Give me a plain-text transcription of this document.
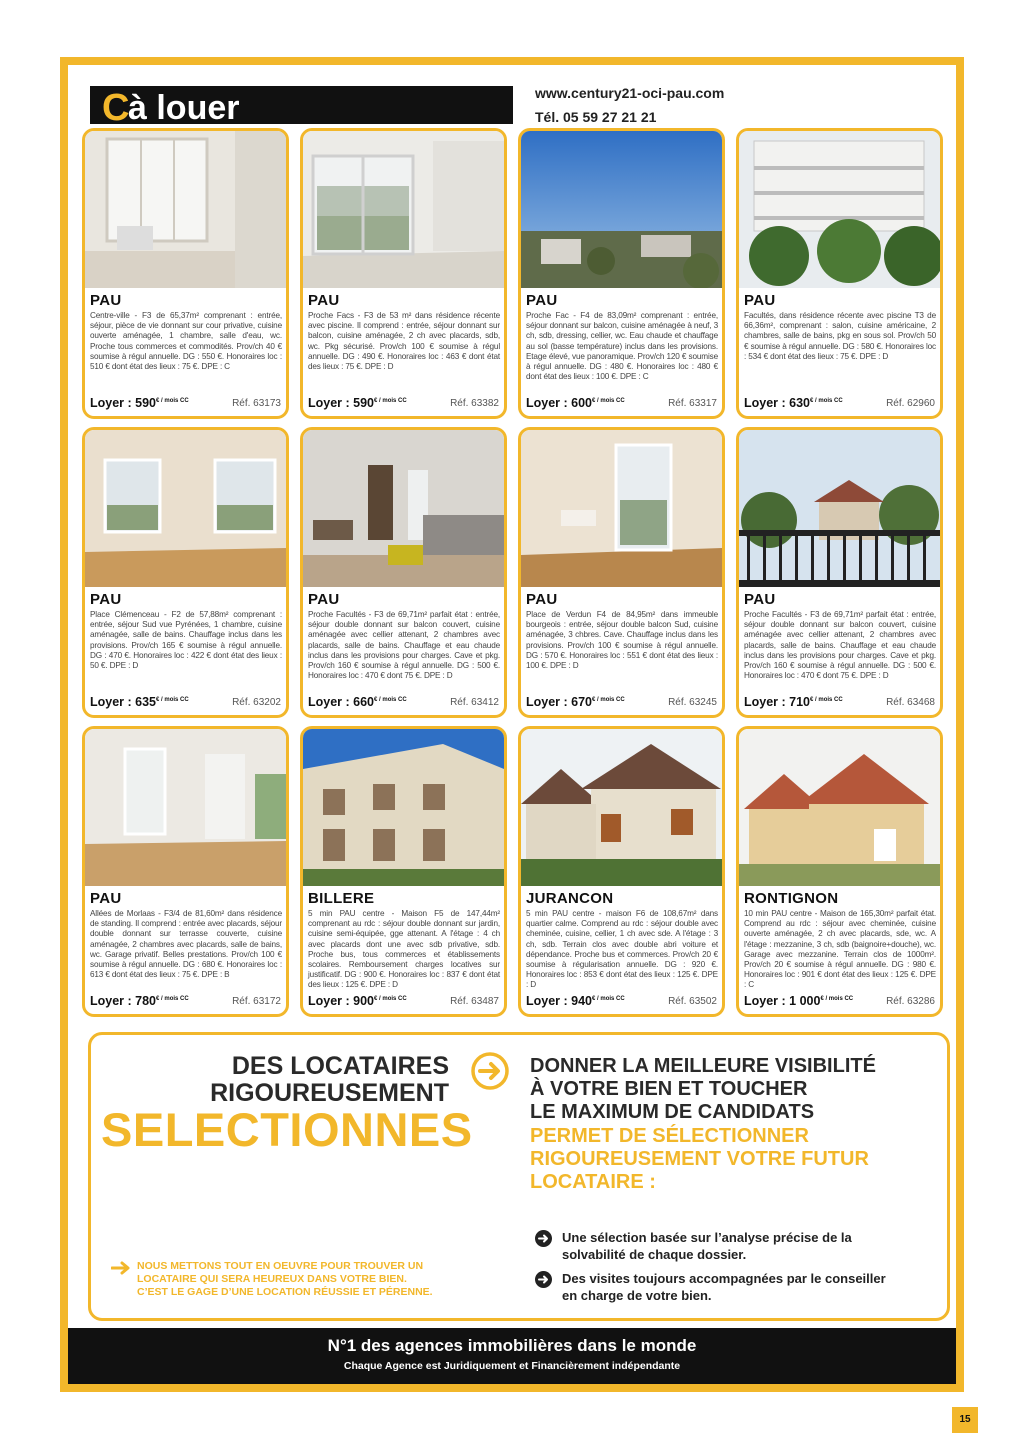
C
à louer	www.century21-oci-pau.com
Tél. 05 59 27 21 21
PAU
Centre-ville - F3 de 65,37m² comprenant : entrée, séjour, pièce de vie donnant sur cour privative, cuisine ouverte aménagée, 1 chambre, salle d'eau, wc. Proche tous commerces et commodités. Prov/ch 40 € soumise à régul annuelle. DG : 550 €. Honoraires loc : 510 € dont état des lieux : 75 €. DPE : C
Loyer : $590^{€ / mois CC}$	Réf. 63173
PAU
Proche Facs - F3 de 53 m² dans résidence récente avec piscine. Il comprend : entrée, séjour donnant sur balcon, cuisine aménagée, 2 ch avec placards, sdb, wc. Pkg sécurisé. Prov/ch 100 € soumise à régul annuelle. DG : 490 €. Honoraires loc : 463 € dont état des lieux : 75 €. DPE : D
Loyer : $590^{€ / mois CC}$	Réf. 63382
PAU
Proche Fac - F4 de 83,09m² comprenant : entrée, séjour donnant sur balcon, cuisine aménagée à neuf, 3 ch, sdb, dressing, cellier, wc. Eau chaude et chauffage au sol (basse température) inclus dans les provisions. Etage élevé, vue panoramique. Prov/ch 120 € soumise à régul annuelle. DG : 480 €. Honoraires loc : 480 € dont état des lieux : 100 €. DPE : C
Loyer : $600^{€ / mois CC}$	Réf. 63317
PAU
Facultés, dans résidence récente avec piscine T3 de 66,36m², comprenant : salon, cuisine américaine, 2 chambres, salle de bains, pkg en sous sol. Prov/ch 50 € soumise à régul annuelle. DG : 580 €. Honoraires loc : 534 € dont état des lieux : 75 €. DPE : D
Loyer : $630^{€ / mois CC}$	Réf. 62960
PAU
Place Clémenceau - F2 de 57,88m² comprenant : entrée, séjour Sud vue Pyrénées, 1 chambre, cuisine aménagée, salle de bains. Chauffage inclus dans les provisions. Prov/ch 165 € soumise à régul annuelle. DG : 470 €. Honoraires loc : 422 € dont état des lieux : 50 €. DPE : D
Loyer : $635^{€ / mois CC}$	Réf. 63202
PAU
Proche Facultés - F3 de 69,71m² parfait état : entrée, séjour double donnant sur balcon couvert, cuisine aménagée avec cellier attenant, 2 chambres avec placards, salle de bains. Chauffage et eau chaude inclus dans les provisions pour charges. Cave et pkg. Prov/ch 160 € soumise à régul annuelle. DG : 500 €. Honoraires loc : 470 € dont 75 €. DPE : D
Loyer : $660^{€ / mois CC}$	Réf. 63412
PAU
Place de Verdun F4 de 84,95m² dans immeuble bourgeois : entrée, séjour double balcon Sud, cuisine aménagée, 3 chbres. Cave. Chauffage inclus dans les provisions. Prov/ch 100 € soumise à régul annuelle. DG : 570 €. Honoraires loc : 551 € dont état des lieux : 100 €. DPE : D
Loyer : $670^{€ / mois CC}$	Réf. 63245
PAU
Proche Facultés - F3 de 69,71m² parfait état : entrée, séjour double donnant sur balcon couvert, cuisine aménagée avec cellier attenant, 2 chambres avec placards, salle de bains. Chauffage et eau chaude inclus dans les provisions pour charges. Cave et pkg. Prov/ch 160 € soumise à régul annuelle. DG : 500 €. Honoraires loc : 470 € dont 75 €. DPE : D
Loyer : $710^{€ / mois CC}$	Réf. 63468
PAU
Allées de Morlaas - F3/4 de 81,60m² dans résidence de standing. Il comprend : entrée avec placards, séjour double donnant sur terrasse couverte, cuisine aménagée, 2 chambres avec placards, salle de bains, wc. Garage privatif. Belles prestations. Prov/ch 100 € soumise à régul annuelle. DG : 680 €. Honoraires loc : 613 € dont état des lieux : 75 €. DPE : B
Loyer : $780^{€ / mois CC}$	Réf. 63172
BILLERE
5 min PAU centre - Maison F5 de 147,44m² comprenant au rdc : séjour double donnant sur jardin, cuisine semi-équipée, gge attenant. A l'étage : 4 ch avec placards dont une avec sdb privative, sdb. Proche bus, tous commerces et établissements scolaires. Remboursement charges locatives sur justificatif. DG : 900 €. Honoraires loc : 837 € dont état des lieux : 125 €. DPE : D
Loyer : $900^{€ / mois CC}$	Réf. 63487
JURANCON
5 min PAU centre - maison F6 de 108,67m² dans quartier calme. Comprend au rdc : séjour double avec cheminée, cuisine, cellier, 1 ch avec sde. A l'étage : 3 ch, sdb. Terrain clos avec double abri voiture et dépendance. Proche bus et commerces. Prov/ch 20 € soumise à régularisation annuelle. DG : 920 €. Honoraires loc : 853 € dont état des lieux : 125 €. DPE : D
Loyer : $940^{€ / mois CC}$	Réf. 63502
RONTIGNON
10 min PAU centre - Maison de 165,30m² parfait état. Comprend au rdc : séjour avec cheminée, cuisine ouverte aménagée, 2 ch avec placards, sde, wc. A l'étage : mezzanine, 3 ch, sdb (baignoire+douche), wc. Garage avec mezzanine. Terrain clos de 1000m². Prov/ch 20 € soumise à régul annuelle. DG : 980 €. Honoraires loc : 901 € dont état des lieux : 125 €. DPE : C
Loyer : 1 $000^{€ / mois CC}$	Réf. 63286
DES LOCATAIRES
RIGOUREUSEMENT
SELECTIONNES
DONNER LA MEILLEURE VISIBILITÉ
À VOTRE BIEN ET TOUCHER
LE MAXIMUM DE CANDIDATS
PERMET DE SÉLECTIONNER
RIGOUREUSEMENT VOTRE FUTUR
LOCATAIRE :
Une sélection basée sur l’analyse précise de la
solvabilité de chaque dossier.
Des visites toujours accompagnées par le conseiller
en charge de votre bien.
NOUS METTONS TOUT EN OEUVRE POUR TROUVER UN
LOCATAIRE QUI SERA HEUREUX DANS VOTRE BIEN.
C’EST LE GAGE D’UNE LOCATION RÉUSSIE ET PÉRENNE.
N°1 des agences immobilières dans le monde
Chaque Agence est Juridiquement et Financièrement indépendante
15
